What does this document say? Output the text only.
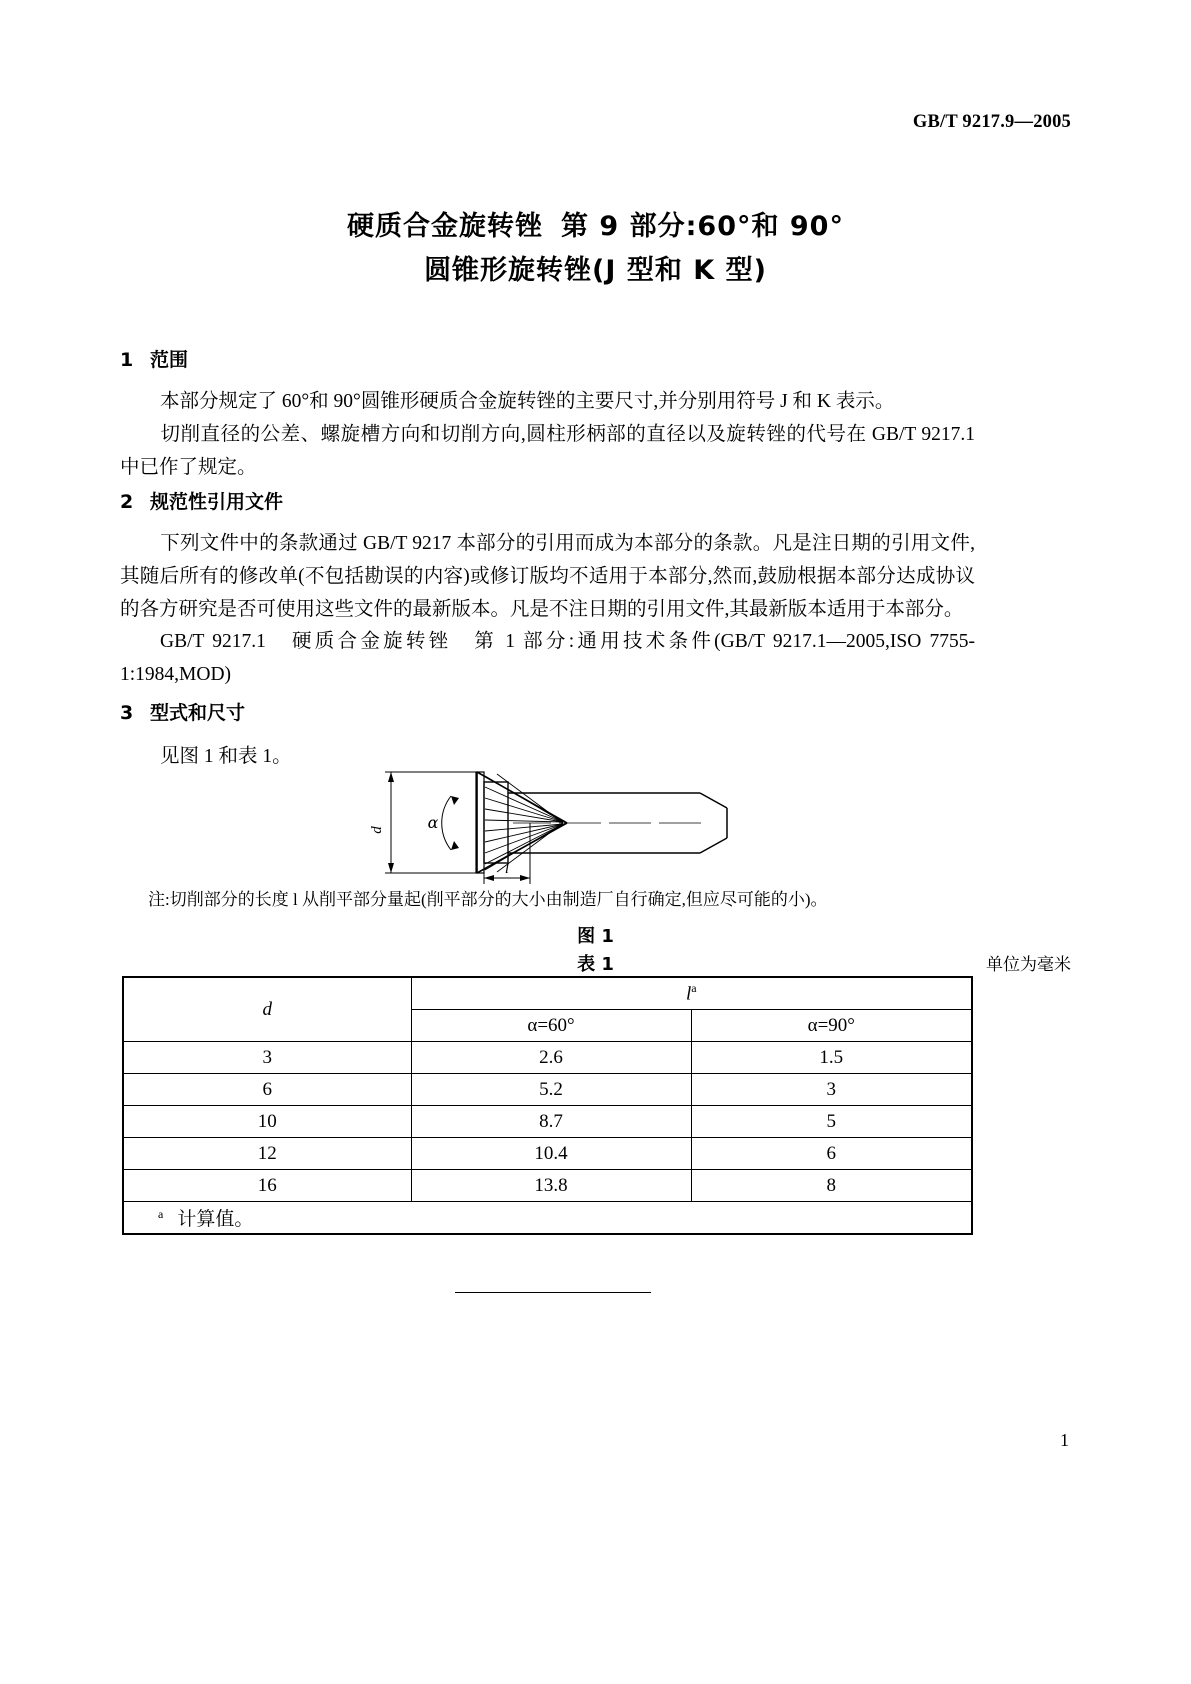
GB/T 9217.9—2005
硬质合金旋转锉 第 9 部分:60°和 90°
圆锥形旋转锉(J 型和 K 型)
1 范围
本部分规定了 60°和 90°圆锥形硬质合金旋转锉的主要尺寸,并分别用符号 J 和 K 表示。
切削直径的公差、螺旋槽方向和切削方向,圆柱形柄部的直径以及旋转锉的代号在 GB/T 9217.1 中已作了规定。
2 规范性引用文件
下列文件中的条款通过 GB/T 9217 本部分的引用而成为本部分的条款。凡是注日期的引用文件,其随后所有的修改单(不包括勘误的内容)或修订版均不适用于本部分,然而,鼓励根据本部分达成协议的各方研究是否可使用这些文件的最新版本。凡是不注日期的引用文件,其最新版本适用于本部分。
GB/T 9217.1　硬质合金旋转锉　第 1 部分:通用技术条件(GB/T 9217.1—2005,ISO 7755-1:1984,MOD)
3 型式和尺寸
见图 1 和表 1。
d	α
l
注:切削部分的长度 l 从削平部分量起(削平部分的大小由制造厂自行确定,但应尽可能的小)。
图 1
表 1	单位为毫米
d	$l^a$
	α=60°	α=90°
3	2.6	1.5
6	5.2	3
10	8.7	5
12	10.4	6
16	13.8	8
$^a$ 计算值。		
1
